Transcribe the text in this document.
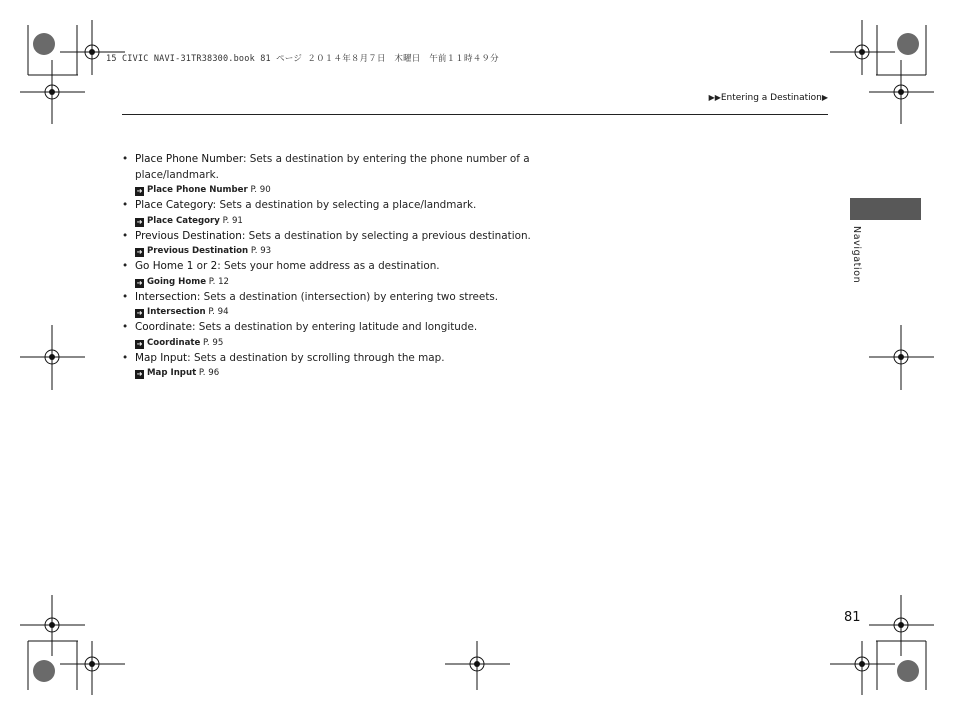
15 CIVIC NAVI-31TR38300.book 81 ページ ２０１４年８月７日　木曜日　午前１１時４９分
▶▶Entering a Destination▶
Navigation
• Place Phone Number: Sets a destination by entering the phone number of a place/landmark.
➜ Place Phone Number P. 90
• Place Category: Sets a destination by selecting a place/landmark.
➜ Place Category P. 91
• Previous Destination: Sets a destination by selecting a previous destination.
➜ Previous Destination P. 93
• Go Home 1 or 2: Sets your home address as a destination.
➜ Going Home P. 12
• Intersection: Sets a destination (intersection) by entering two streets.
➜ Intersection P. 94
• Coordinate: Sets a destination by entering latitude and longitude.
➜ Coordinate P. 95
• Map Input: Sets a destination by scrolling through the map.
➜ Map Input P. 96
81
